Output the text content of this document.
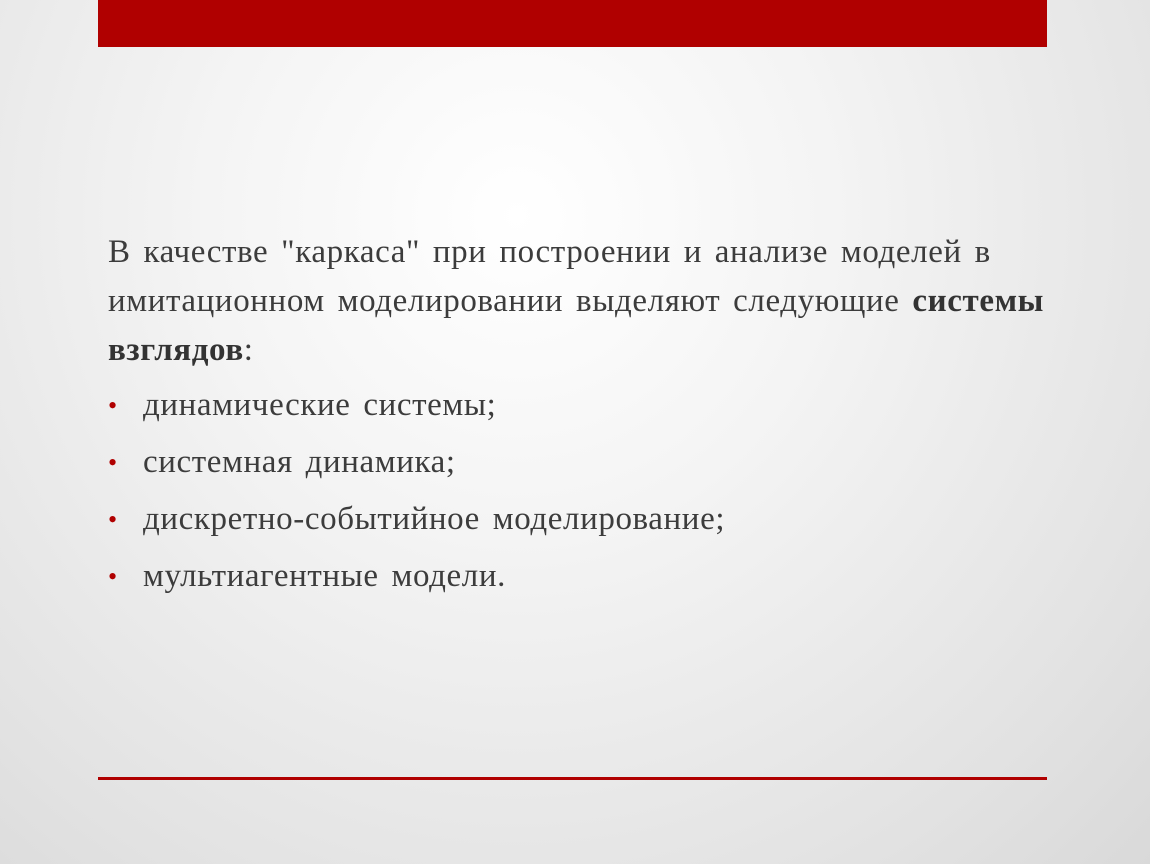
В качестве "каркаса" при построении и анализе моделей в имитационном моделировании выделяют следующие системы взглядов:

• динамические системы;
• системная динамика;
• дискретно-событийное моделирование;
• мультиагентные модели.
